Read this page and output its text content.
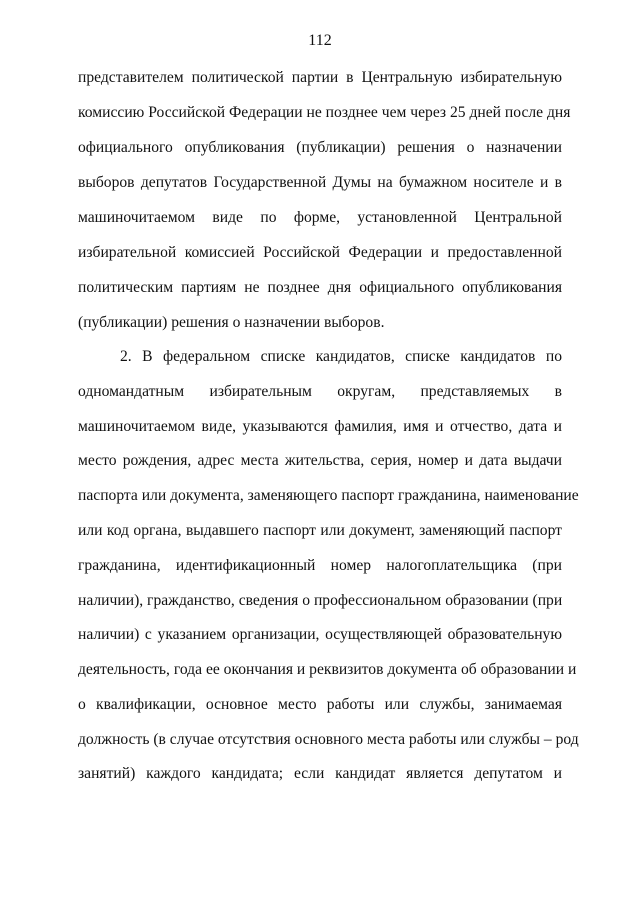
112
представителем политической партии в Центральную избирательную
комиссию Российской Федерации не позднее чем через 25 дней после дня
официального опубликования (публикации) решения о назначении
выборов депутатов Государственной Думы на бумажном носителе и в
машиночитаемом виде по форме, установленной Центральной
избирательной комиссией Российской Федерации и предоставленной
политическим партиям не позднее дня официального опубликования
(публикации) решения о назначении выборов.
2. В федеральном списке кандидатов, списке кандидатов по
одномандатным избирательным округам, представляемых в
машиночитаемом виде, указываются фамилия, имя и отчество, дата и
место рождения, адрес места жительства, серия, номер и дата выдачи
паспорта или документа, заменяющего паспорт гражданина, наименование
или код органа, выдавшего паспорт или документ, заменяющий паспорт
гражданина, идентификационный номер налогоплательщика (при
наличии), гражданство, сведения о профессиональном образовании (при
наличии) с указанием организации, осуществляющей образовательную
деятельность, года ее окончания и реквизитов документа об образовании и
о квалификации, основное место работы или службы, занимаемая
должность (в случае отсутствия основного места работы или службы – род
занятий) каждого кандидата; если кандидат является депутатом и
